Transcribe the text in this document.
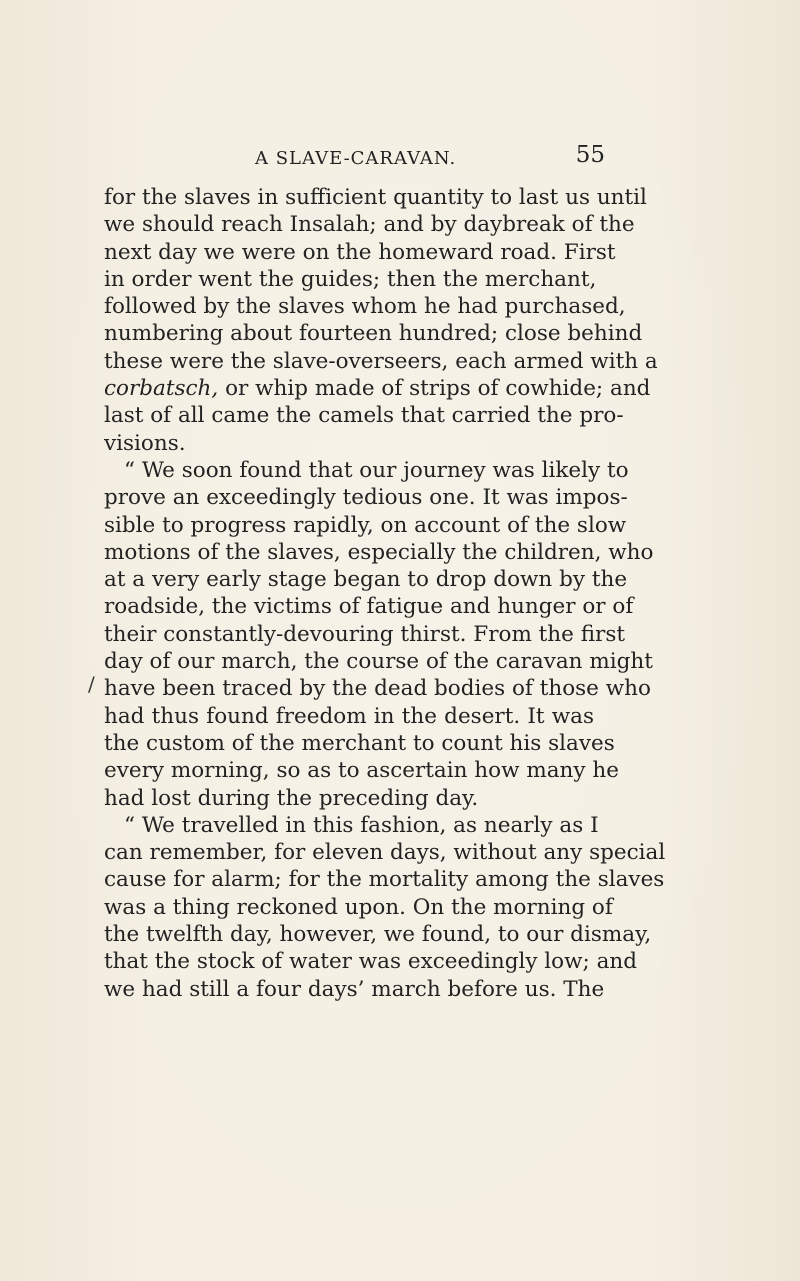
A SLAVE-CARAVAN.	55
/
for the slaves in sufficient quantity to last us until
we should reach Insalah; and by daybreak of the
next day we were on the homeward road. First
in order went the guides; then the merchant,
followed by the slaves whom he had purchased,
numbering about fourteen hundred; close behind
these were the slave-overseers, each armed with a
corbatsch, or whip made of strips of cowhide; and
last of all came the camels that carried the pro-
visions.
“ We soon found that our journey was likely to
prove an exceedingly tedious one. It was impos-
sible to progress rapidly, on account of the slow
motions of the slaves, especially the children, who
at a very early stage began to drop down by the
roadside, the victims of fatigue and hunger or of
their constantly-devouring thirst. From the first
day of our march, the course of the caravan might
have been traced by the dead bodies of those who
had thus found freedom in the desert. It was
the custom of the merchant to count his slaves
every morning, so as to ascertain how many he
had lost during the preceding day.
“ We travelled in this fashion, as nearly as I
can remember, for eleven days, without any special
cause for alarm; for the mortality among the slaves
was a thing reckoned upon. On the morning of
the twelfth day, however, we found, to our dismay,
that the stock of water was exceedingly low; and
we had still a four days’ march before us. The
